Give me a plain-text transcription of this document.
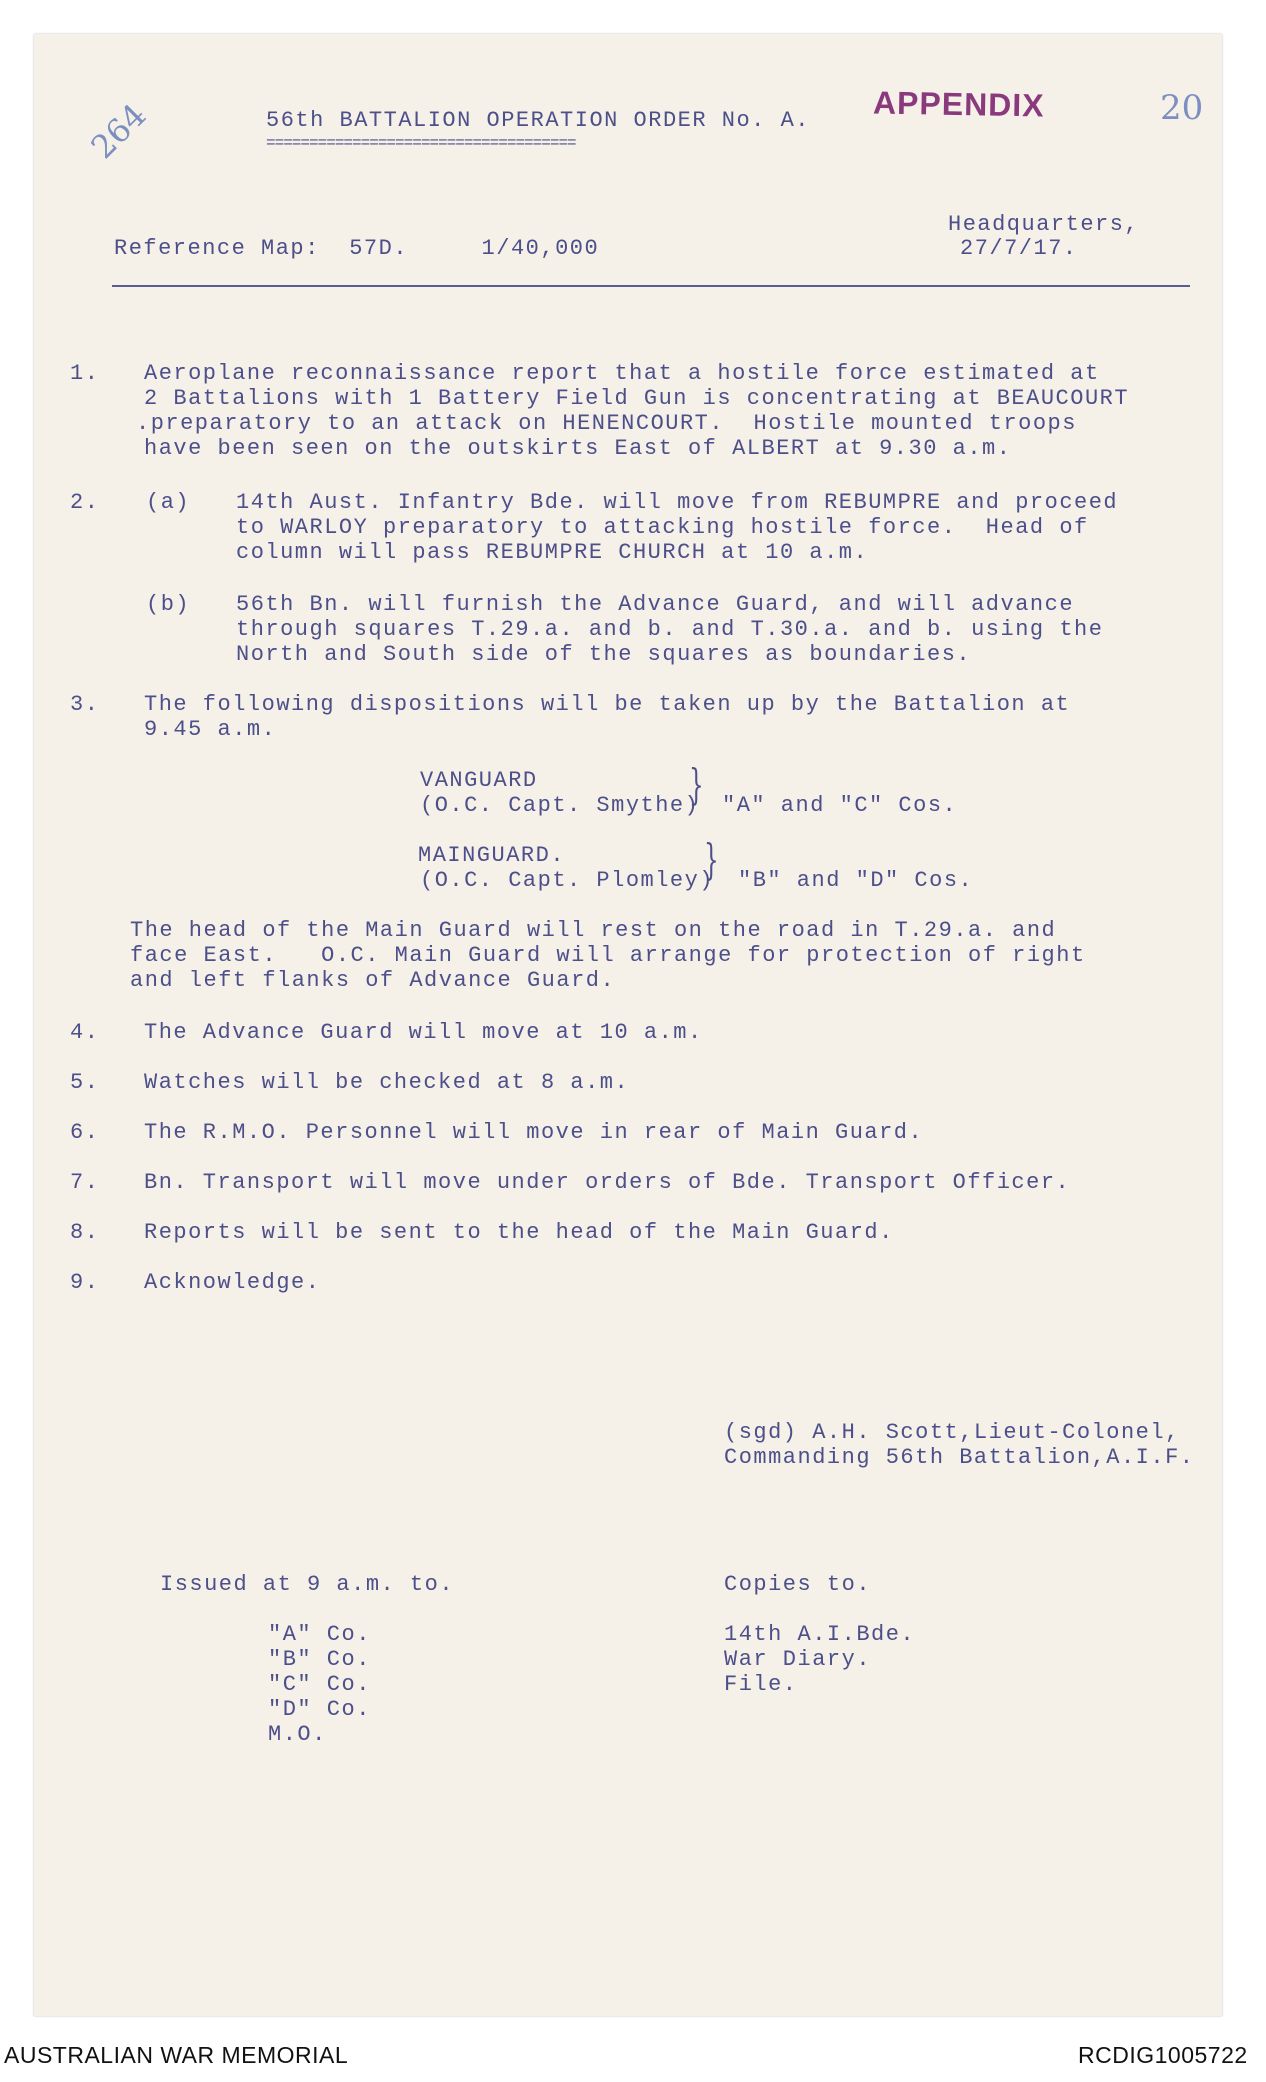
264	APPENDIX	20
56th BATTALION OPERATION ORDER No. A.
====================================
Headquarters,
27/7/17.
Reference Map:  57D.     1/40,000
1. Aeroplane reconnaissance report that a hostile force estimated at
2 Battalions with 1 Battery Field Gun is concentrating at BEAUCOURT
.preparatory to an attack on HENENCOURT.  Hostile mounted troops
have been seen on the outskirts East of ALBERT at 9.30 a.m.
2. (a) 14th Aust. Infantry Bde. will move from REBUMPRE and proceed
to WARLOY preparatory to attacking hostile force.  Head of
column will pass REBUMPRE CHURCH at 10 a.m.
(b) 56th Bn. will furnish the Advance Guard, and will advance
through squares T.29.a. and b. and T.30.a. and b. using the
North and South side of the squares as boundaries.
3. The following dispositions will be taken up by the Battalion at
9.45 a.m.
VANGUARD
(O.C. Capt. Smythe)
} "A" and "C" Cos.
MAINGUARD.
(O.C. Capt. Plomley)
} "B" and "D" Cos.
The head of the Main Guard will rest on the road in T.29.a. and
face East.   O.C. Main Guard will arrange for protection of right
and left flanks of Advance Guard.
4. The Advance Guard will move at 10 a.m.
5. Watches will be checked at 8 a.m.
6. The R.M.O. Personnel will move in rear of Main Guard.
7. Bn. Transport will move under orders of Bde. Transport Officer.
8. Reports will be sent to the head of the Main Guard.
9. Acknowledge.
(sgd) A.H. Scott,Lieut-Colonel,
Commanding 56th Battalion,A.I.F.
Issued at 9 a.m. to.
"A" Co.
"B" Co.
"C" Co.
"D" Co.
M.O.
Copies to.
14th A.I.Bde.
War Diary.
File.
AUSTRALIAN WAR MEMORIAL	RCDIG1005722
